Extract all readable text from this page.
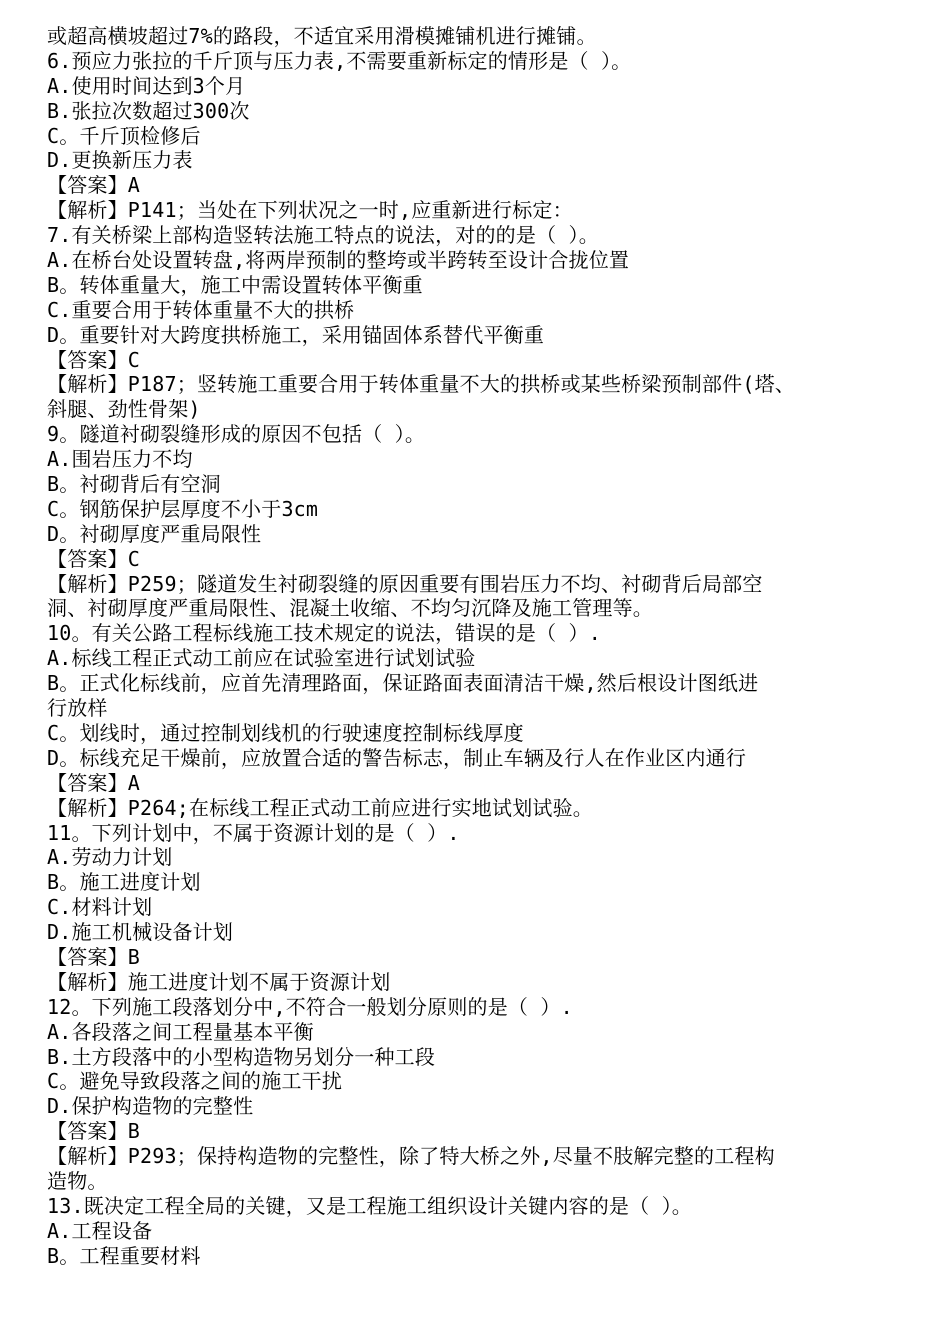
或超高横坡超过7%的路段，不适宜采用滑模摊铺机进行摊铺。
6.预应力张拉的千斤顶与压力表,不需要重新标定的情形是（ ）。
A.使用时间达到3个月
B.张拉次数超过300次
C。千斤顶检修后
D.更换新压力表
【答案】A
【解析】P141；当处在下列状况之一时,应重新进行标定：
7.有关桥梁上部构造竖转法施工特点的说法，对的的是（ ）。
A.在桥台处设置转盘,将两岸预制的整垮或半跨转至设计合拢位置
B。转体重量大，施工中需设置转体平衡重
C.重要合用于转体重量不大的拱桥
D。重要针对大跨度拱桥施工，采用锚固体系替代平衡重
【答案】C
【解析】P187；竖转施工重要合用于转体重量不大的拱桥或某些桥梁预制部件(塔、
斜腿、劲性骨架)
9。隧道衬砌裂缝形成的原因不包括（ ）。
A.围岩压力不均
B。衬砌背后有空洞
C。钢筋保护层厚度不小于3cm
D。衬砌厚度严重局限性
【答案】C
【解析】P259；隧道发生衬砌裂缝的原因重要有围岩压力不均、衬砌背后局部空
洞、衬砌厚度严重局限性、混凝土收缩、不均匀沉降及施工管理等。
10。有关公路工程标线施工技术规定的说法，错误的是（ ）.
A.标线工程正式动工前应在试验室进行试划试验
B。正式化标线前，应首先清理路面，保证路面表面清洁干燥,然后根设计图纸进
行放样
C。划线时，通过控制划线机的行驶速度控制标线厚度
D。标线充足干燥前，应放置合适的警告标志，制止车辆及行人在作业区内通行
【答案】A
【解析】P264;在标线工程正式动工前应进行实地试划试验。
11。下列计划中，不属于资源计划的是（ ）.
A.劳动力计划
B。施工进度计划
C.材料计划
D.施工机械设备计划
【答案】B
【解析】施工进度计划不属于资源计划
12。下列施工段落划分中,不符合一般划分原则的是（ ）.
A.各段落之间工程量基本平衡
B.土方段落中的小型构造物另划分一种工段
C。避免导致段落之间的施工干扰
D.保护构造物的完整性
【答案】B
【解析】P293；保持构造物的完整性，除了特大桥之外,尽量不肢解完整的工程构
造物。
13.既决定工程全局的关键，又是工程施工组织设计关键内容的是（ ）。
A.工程设备
B。工程重要材料
